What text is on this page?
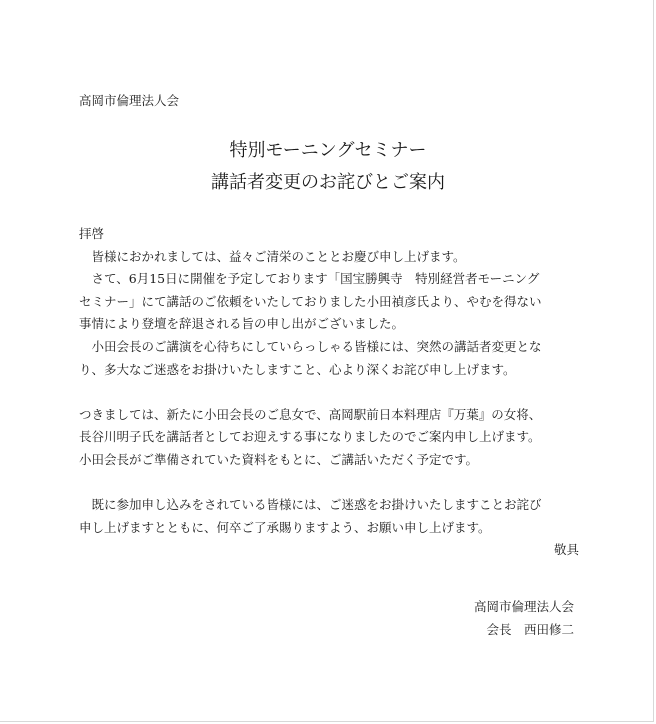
高岡市倫理法人会
特別モーニングセミナー
講話者変更のお詫びとご案内
拝啓
　皆様におかれましては、益々ご清栄のこととお慶び申し上げます。
　さて、6月15日に開催を予定しております「国宝勝興寺　特別経営者モーニング
セミナー」にて講話のご依頼をいたしておりました小田禎彦氏より、やむを得ない
事情により登壇を辞退される旨の申し出がございました。
　小田会長のご講演を心待ちにしていらっしゃる皆様には、突然の講話者変更とな
り、多大なご迷惑をお掛けいたしますこと、心より深くお詫び申し上げます。
つきましては、新たに小田会長のご息女で、高岡駅前日本料理店『万葉』の女将、
長谷川明子氏を講話者としてお迎えする事になりましたのでご案内申し上げます。
小田会長がご準備されていた資料をもとに、ご講話いただく予定です。
　既に参加申し込みをされている皆様には、ご迷惑をお掛けいたしますことお詫び
申し上げますとともに、何卒ご了承賜りますよう、お願い申し上げます。
敬具
高岡市倫理法人会
会長　西田修二
